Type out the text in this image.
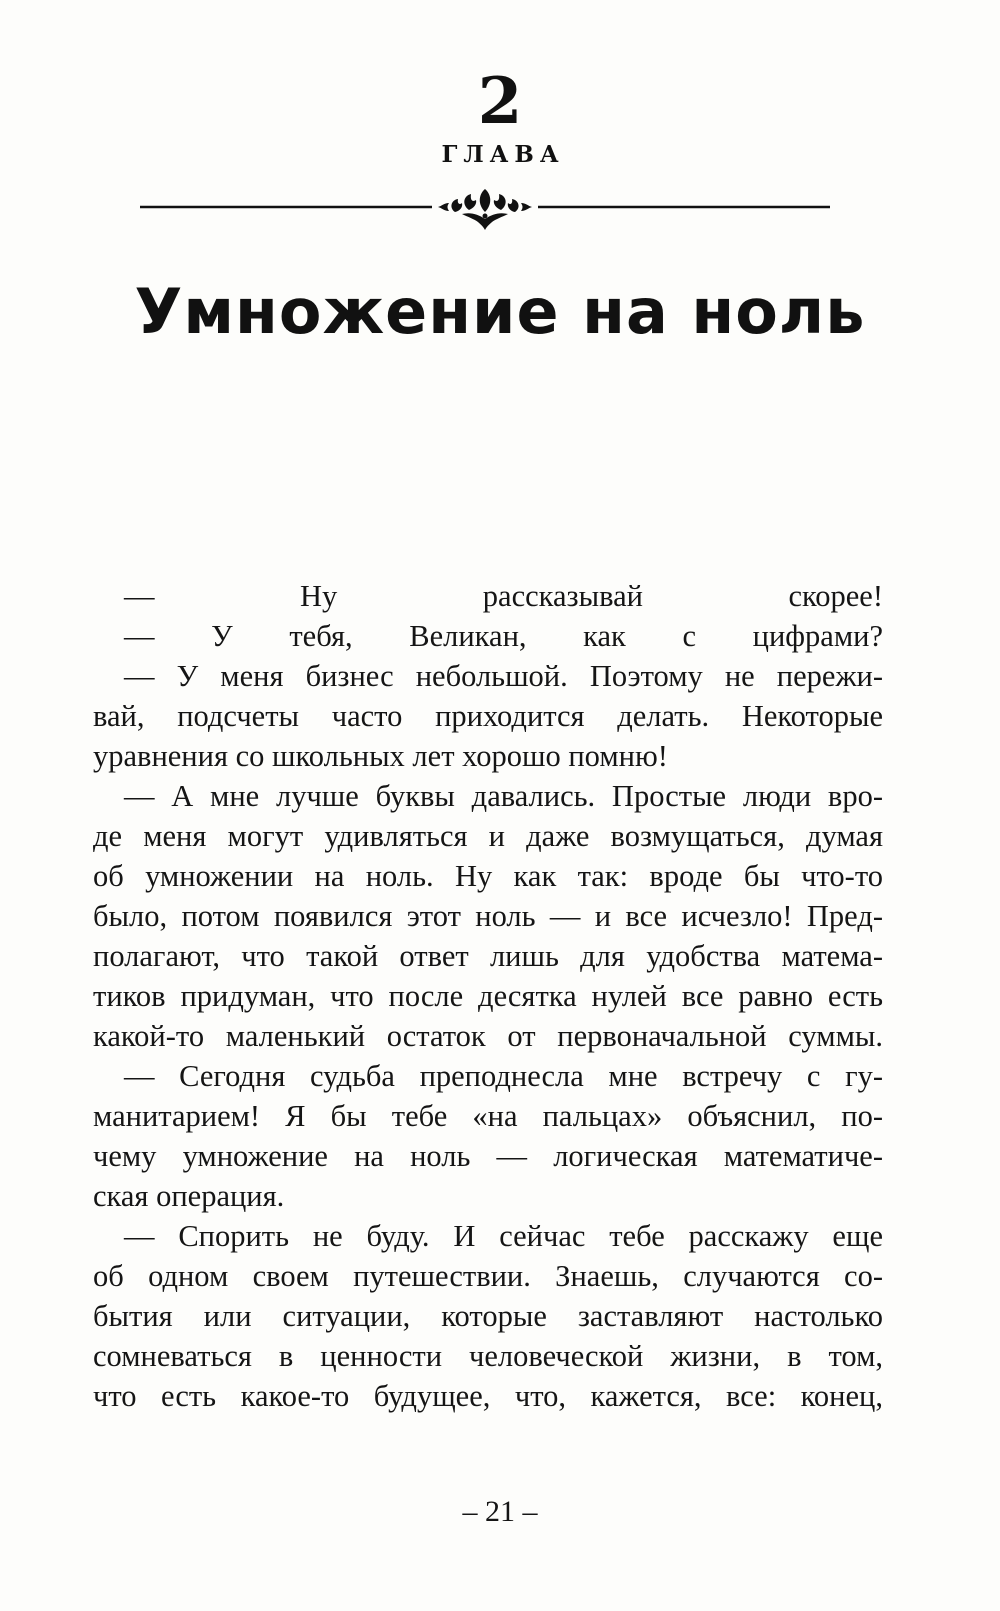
2
ГЛАВА
Умножение на ноль
— Ну рассказывай скорее!
— У тебя, Великан, как с цифрами?
— У меня бизнес небольшой. Поэтому не пережи-
вай, подсчеты часто приходится делать. Некоторые
уравнения со школьных лет хорошо помню!
— А мне лучше буквы давались. Простые люди вро-
де меня могут удивляться и даже возмущаться, думая
об умножении на ноль. Ну как так: вроде бы что-то
было, потом появился этот ноль — и все исчезло! Пред-
полагают, что такой ответ лишь для удобства матема-
тиков придуман, что после десятка нулей все равно есть
какой-то маленький остаток от первоначальной суммы.
— Сегодня судьба преподнесла мне встречу с гу-
манитарием! Я бы тебе «на пальцах» объяснил, по-
чему умножение на ноль — логическая математиче-
ская операция.
— Спорить не буду. И сейчас тебе расскажу еще
об одном своем путешествии. Знаешь, случаются со-
бытия или ситуации, которые заставляют настолько
сомневаться в ценности человеческой жизни, в том,
что есть какое-то будущее, что, кажется, все: конец,
– 21 –
